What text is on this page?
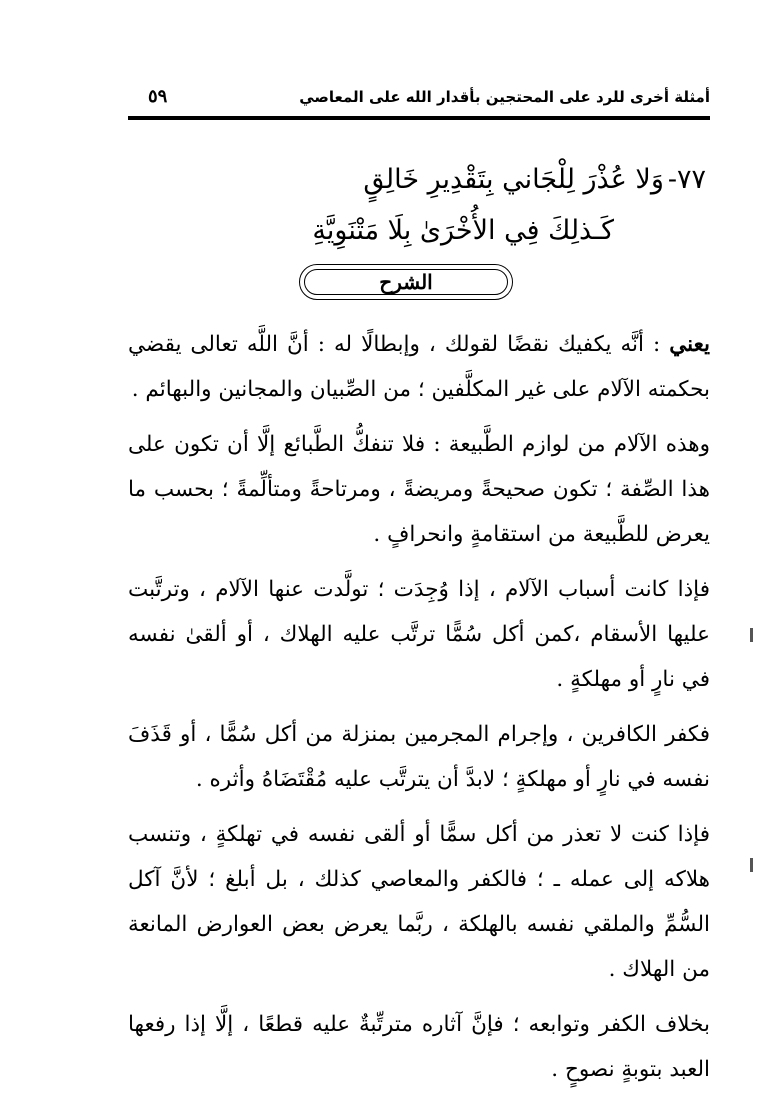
أمثلة أخرى للرد على المحتجين بأقدار الله على المعاصي
٥٩
٧٧-وَلا عُذْرَ لِلْجَاني بِتَقْدِيرِ خَالِقٍ
كَـذلِكَ فِي الأُخْرَىٰ بِلَا مَتْنَوِيَّةِ
الشرح

يعني : أنَّه يكفيك نقضًا لقولك ، وإبطالًا له : أنَّ اللَّه تعالى يقضي بحكمته الآلام على غير المكلَّفين ؛ من الصِّبيان والمجانين والبهائم .

وهذه الآلام من لوازم الطَّبيعة : فلا تنفكُّ الطَّبائع إلَّا أن تكون على هذا الصِّفة ؛ تكون صحيحةً ومريضةً ، ومرتاحةً ومتألِّمةً ؛ بحسب ما يعرض للطَّبيعة من استقامةٍ وانحرافٍ .

فإذا كانت أسباب الآلام ، إذا وُجِدَت ؛ تولَّدت عنها الآلام ، وترتَّبت عليها الأسقام ،كمن أكل سُمًّا ترتَّب عليه الهلاك ، أو ألقىٰ نفسه في نارٍ أو مهلكةٍ .

فكفر الكافرين ، وإجرام المجرمين بمنزلة من أكل سُمًّا ، أو قَذَفَ نفسه في نارٍ أو مهلكةٍ ؛ لابدَّ أن يترتَّب عليه مُقْتَضَاهُ وأثره .

فإذا كنت لا تعذر من أكل سمًّا أو ألقى نفسه في تهلكةٍ ، وتنسب هلاكه إلى عمله ـ ؛ فالكفر والمعاصي كذلك ، بل أبلغ ؛ لأنَّ آكل السُّمِّ والملقي نفسه بالهلكة ، ربَّما يعرض بعض العوارض المانعة من الهلاك .

بخلاف الكفر وتوابعه ؛ فإنَّ آثاره مترتِّبةٌ عليه قطعًا ، إلَّا إذا رفعها العبد بتوبةٍ نصوحٍ .
